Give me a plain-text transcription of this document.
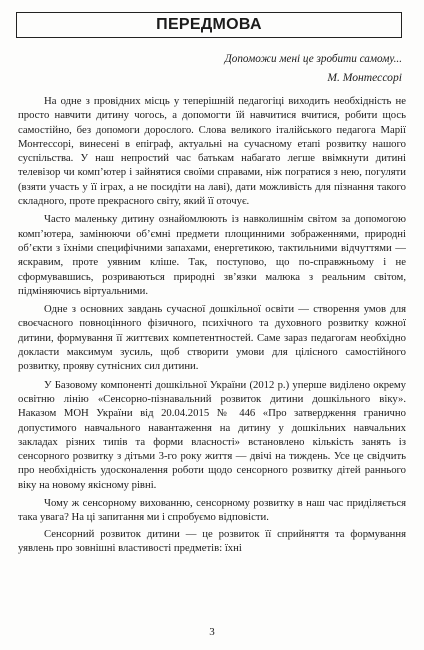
ПЕРЕДМОВА
Допоможи мені це зробити самому...
М. Монтессорі

На одне з провідних місць у теперішній педагогіці виходить необхідність не просто навчити дитину чогось, а допомогти їй навчитися вчитися, робити щось самостійно, без допомоги дорослого. Слова великого італійського педагога Марії Монтессорі, винесені в епіграф, актуальні на сучасному етапі розвитку нашого суспільства. У наш непростий час батькам набагато легше ввімкнути дитині телевізор чи комп’ютер і зайнятися своїми справами, ніж погратися з нею, погуляти (взяти участь у її іграх, а не посидіти на лаві), дати можливість для пізнання такого складного, проте прекрасного світу, який її оточує.

Часто маленьку дитину ознайомлюють із навколишнім світом за допомогою комп’ютера, замінюючи об’ємні предмети площинними зображеннями, природні об’єкти з їхніми специфічними запахами, енергетикою, тактильними відчуттями — яскравим, проте уявним кліше. Так, поступово, що по-справжньому і не сформувавшись, розриваються природні зв’язки малюка з реальним світом, підміняючись віртуальними.

Одне з основних завдань сучасної дошкільної освіти — створення умов для своєчасного повноцінного фізичного, психічного та духовного розвитку кожної дитини, формування її життєвих компетентностей. Саме зараз педагогам необхідно докласти максимум зусиль, щоб створити умови для цілісного самостійного розвитку, прояву сутнісних сил дитини.

У Базовому компоненті дошкільної України (2012 р.) уперше виділено окрему освітню лінію «Сенсорно-пізнавальний розвиток дитини дошкільного віку». Наказом МОН України від 20.04.2015 № 446 «Про затвердження гранично допустимого навчального навантаження на дитину у дошкільних навчальних закладах різних типів та форми власності» встановлено кількість занять із сенсорного розвитку з дітьми 3-го року життя — двічі на тиждень. Усе це свідчить про необхідність удосконалення роботи щодо сенсорного розвитку дітей раннього віку на новому якісному рівні.

Чому ж сенсорному вихованню, сенсорному розвитку в наш час приділяється така увага? На ці запитання ми і спробуємо відповісти.

Сенсорний розвиток дитини — це розвиток її сприйняття та формування уявлень про зовнішні властивості предметів: їхні

3
